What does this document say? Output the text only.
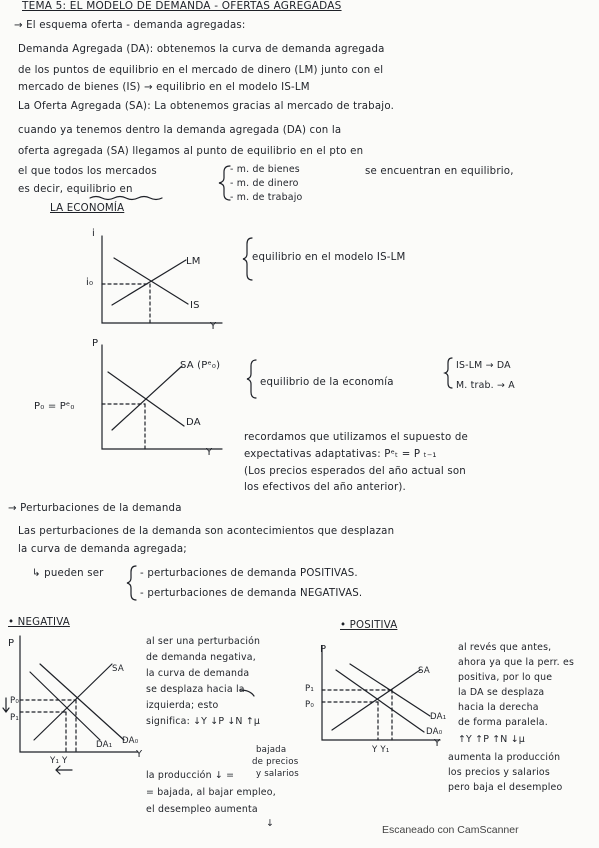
TEMA 5: EL MODELO DE DEMANDA - OFERTAS AGREGADAS
→ El esquema oferta - demanda agregadas:
Demanda Agregada (DA): obtenemos la curva de demanda agregada
de los puntos de equilibrio en el mercado de dinero (LM) junto con el
mercado de bienes (IS) → equilibrio en el modelo IS-LM
La Oferta Agregada (SA): La obtenemos gracias al mercado de trabajo.
cuando ya tenemos dentro la demanda agregada (DA) con la
oferta agregada (SA) llegamos al punto de equilibrio en el pto en
el que todos los mercados	- m. de bienes
- m. de dinero
- m. de trabajo
se encuentran en equilibrio,
es decir, equilibrio en
LA ECONOMÍA
i
Y
i₀
LM
IS
equilibrio en el modelo IS-LM
P
Y
P₀ = Pᵉ₀
SA (Pᵉ₀)
DA
equilibrio de la economía
IS-LM → DA
M. trab. → A
recordamos que utilizamos el supuesto de
expectativas adaptativas: Pᵉₜ = P ₜ₋₁
(Los precios esperados del año actual son
los efectivos del año anterior).
→ Perturbaciones de la demanda
Las perturbaciones de la demanda son acontecimientos que desplazan
la curva de demanda agregada;
↳ pueden ser	- perturbaciones de demanda POSITIVAS.
- perturbaciones de demanda NEGATIVAS.
• NEGATIVA
P
Y
P₀
P₁
SA
DA₀
DA₁
Y₁ Y
al ser una perturbación
de demanda negativa,
la curva de demanda
se desplaza hacia la
izquierda; esto
significa: ↓Y ↓P ↓N ↑μ
bajada
de precios
y salarios
la producción ↓ =
= bajada, al bajar empleo,
el desempleo aumenta
↓
• POSITIVA
P
Y
P₁
P₀
SA
DA₁
DA₀
Y Y₁
al revés que antes,
ahora ya que la perr. es
positiva, por lo que
la DA se desplaza
hacia la derecha
de forma paralela.
↑Y ↑P ↑N ↓μ
aumenta la producción
los precios y salarios
pero baja el desempleo
Escaneado con CamScanner
